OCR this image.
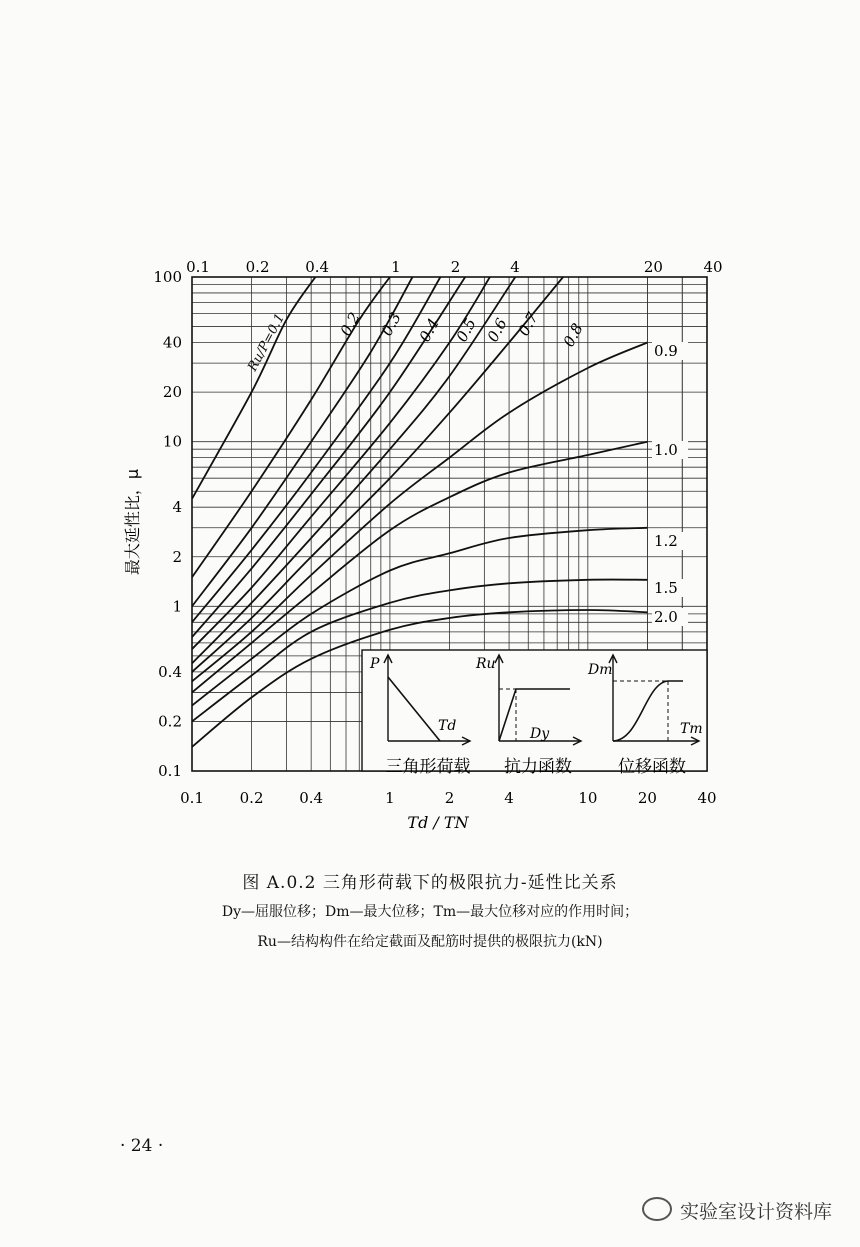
Ru/P=0.1	0.2 0.3 0.4 0.5 0.6 0.7 0.8
0.9
1.0
1.2
1.5
2.0
0.1 0.2 0.4	1	2	4	10	20	40
0.1 0.2 0.4	1	2	4	20	40
0.1
0.2
0.4
1
2
4
10
20
40
100
P
Td
三角形荷载
Ru
Dy
抗力函数
Dm
Tm
位移函数
Td / TN
最大延性比，μ
图 A.0.2 三角形荷载下的极限抗力-延性比关系
Dy—屈服位移；Dm—最大位移；Tm—最大位移对应的作用时间；
Ru—结构构件在给定截面及配筋时提供的极限抗力(kN)
· 24 ·
实验室设计资料库
